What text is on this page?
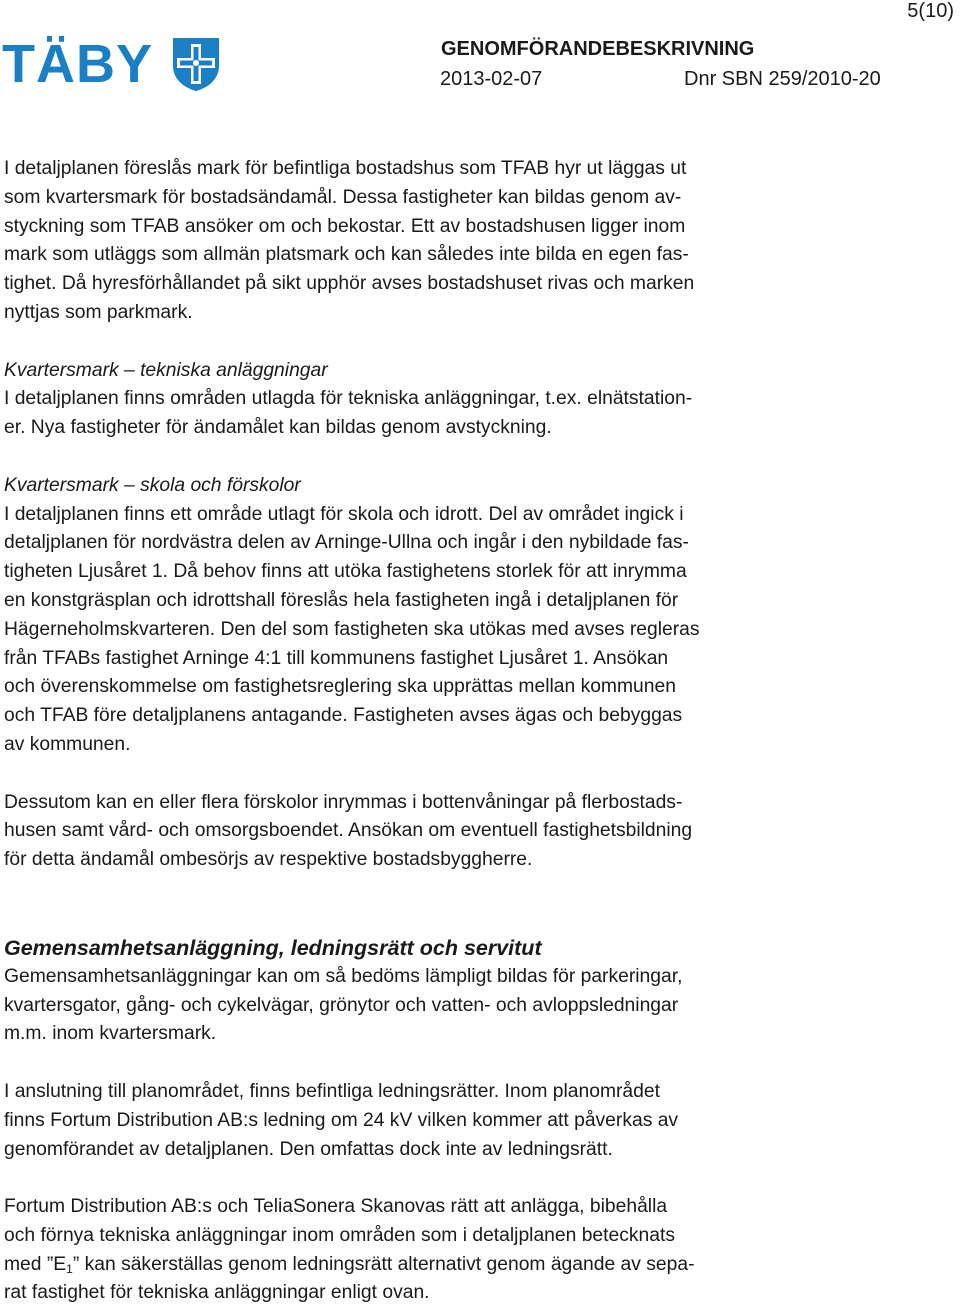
5(10)
TÄBY	GENOMFÖRANDEBESKRIVNING
2013-02-07	Dnr SBN 259/2010-20

I detaljplanen föreslås mark för befintliga bostadshus som TFAB hyr ut läggas ut
som kvartersmark för bostadsändamål. Dessa fastigheter kan bildas genom av-
styckning som TFAB ansöker om och bekostar. Ett av bostadshusen ligger inom
mark som utläggs som allmän platsmark och kan således inte bilda en egen fas-
tighet. Då hyresförhållandet på sikt upphör avses bostadshuset rivas och marken
nyttjas som parkmark.

Kvartersmark – tekniska anläggningar

I detaljplanen finns områden utlagda för tekniska anläggningar, t.ex. elnätstation-
er. Nya fastigheter för ändamålet kan bildas genom avstyckning.

Kvartersmark – skola och förskolor

I detaljplanen finns ett område utlagt för skola och idrott. Del av området ingick i
detaljplanen för nordvästra delen av Arninge-Ullna och ingår i den nybildade fas-
tigheten Ljusåret 1. Då behov finns att utöka fastighetens storlek för att inrymma
en konstgräsplan och idrottshall föreslås hela fastigheten ingå i detaljplanen för
Hägerneholmskvarteren. Den del som fastigheten ska utökas med avses regleras
från TFABs fastighet Arninge 4:1 till kommunens fastighet Ljusåret 1. Ansökan
och överenskommelse om fastighetsreglering ska upprättas mellan kommunen
och TFAB före detaljplanens antagande. Fastigheten avses ägas och bebyggas
av kommunen.

Dessutom kan en eller flera förskolor inrymmas i bottenvåningar på flerbostads-
husen samt vård- och omsorgsboendet. Ansökan om eventuell fastighetsbildning
för detta ändamål ombesörjs av respektive bostadsbyggherre.

Gemensamhetsanläggning, ledningsrätt och servitut

Gemensamhetsanläggningar kan om så bedöms lämpligt bildas för parkeringar,
kvartersgator, gång- och cykelvägar, grönytor och vatten- och avloppsledningar
m.m. inom kvartersmark.

I anslutning till planområdet, finns befintliga ledningsrätter. Inom planområdet
finns Fortum Distribution AB:s ledning om 24 kV vilken kommer att påverkas av
genomförandet av detaljplanen. Den omfattas dock inte av ledningsrätt.

Fortum Distribution AB:s och TeliaSonera Skanovas rätt att anlägga, bibehålla
och förnya tekniska anläggningar inom områden som i detaljplanen betecknats
med $”E_1$” kan säkerställas genom ledningsrätt alternativt genom ägande av sepa-
rat fastighet för tekniska anläggningar enligt ovan.
